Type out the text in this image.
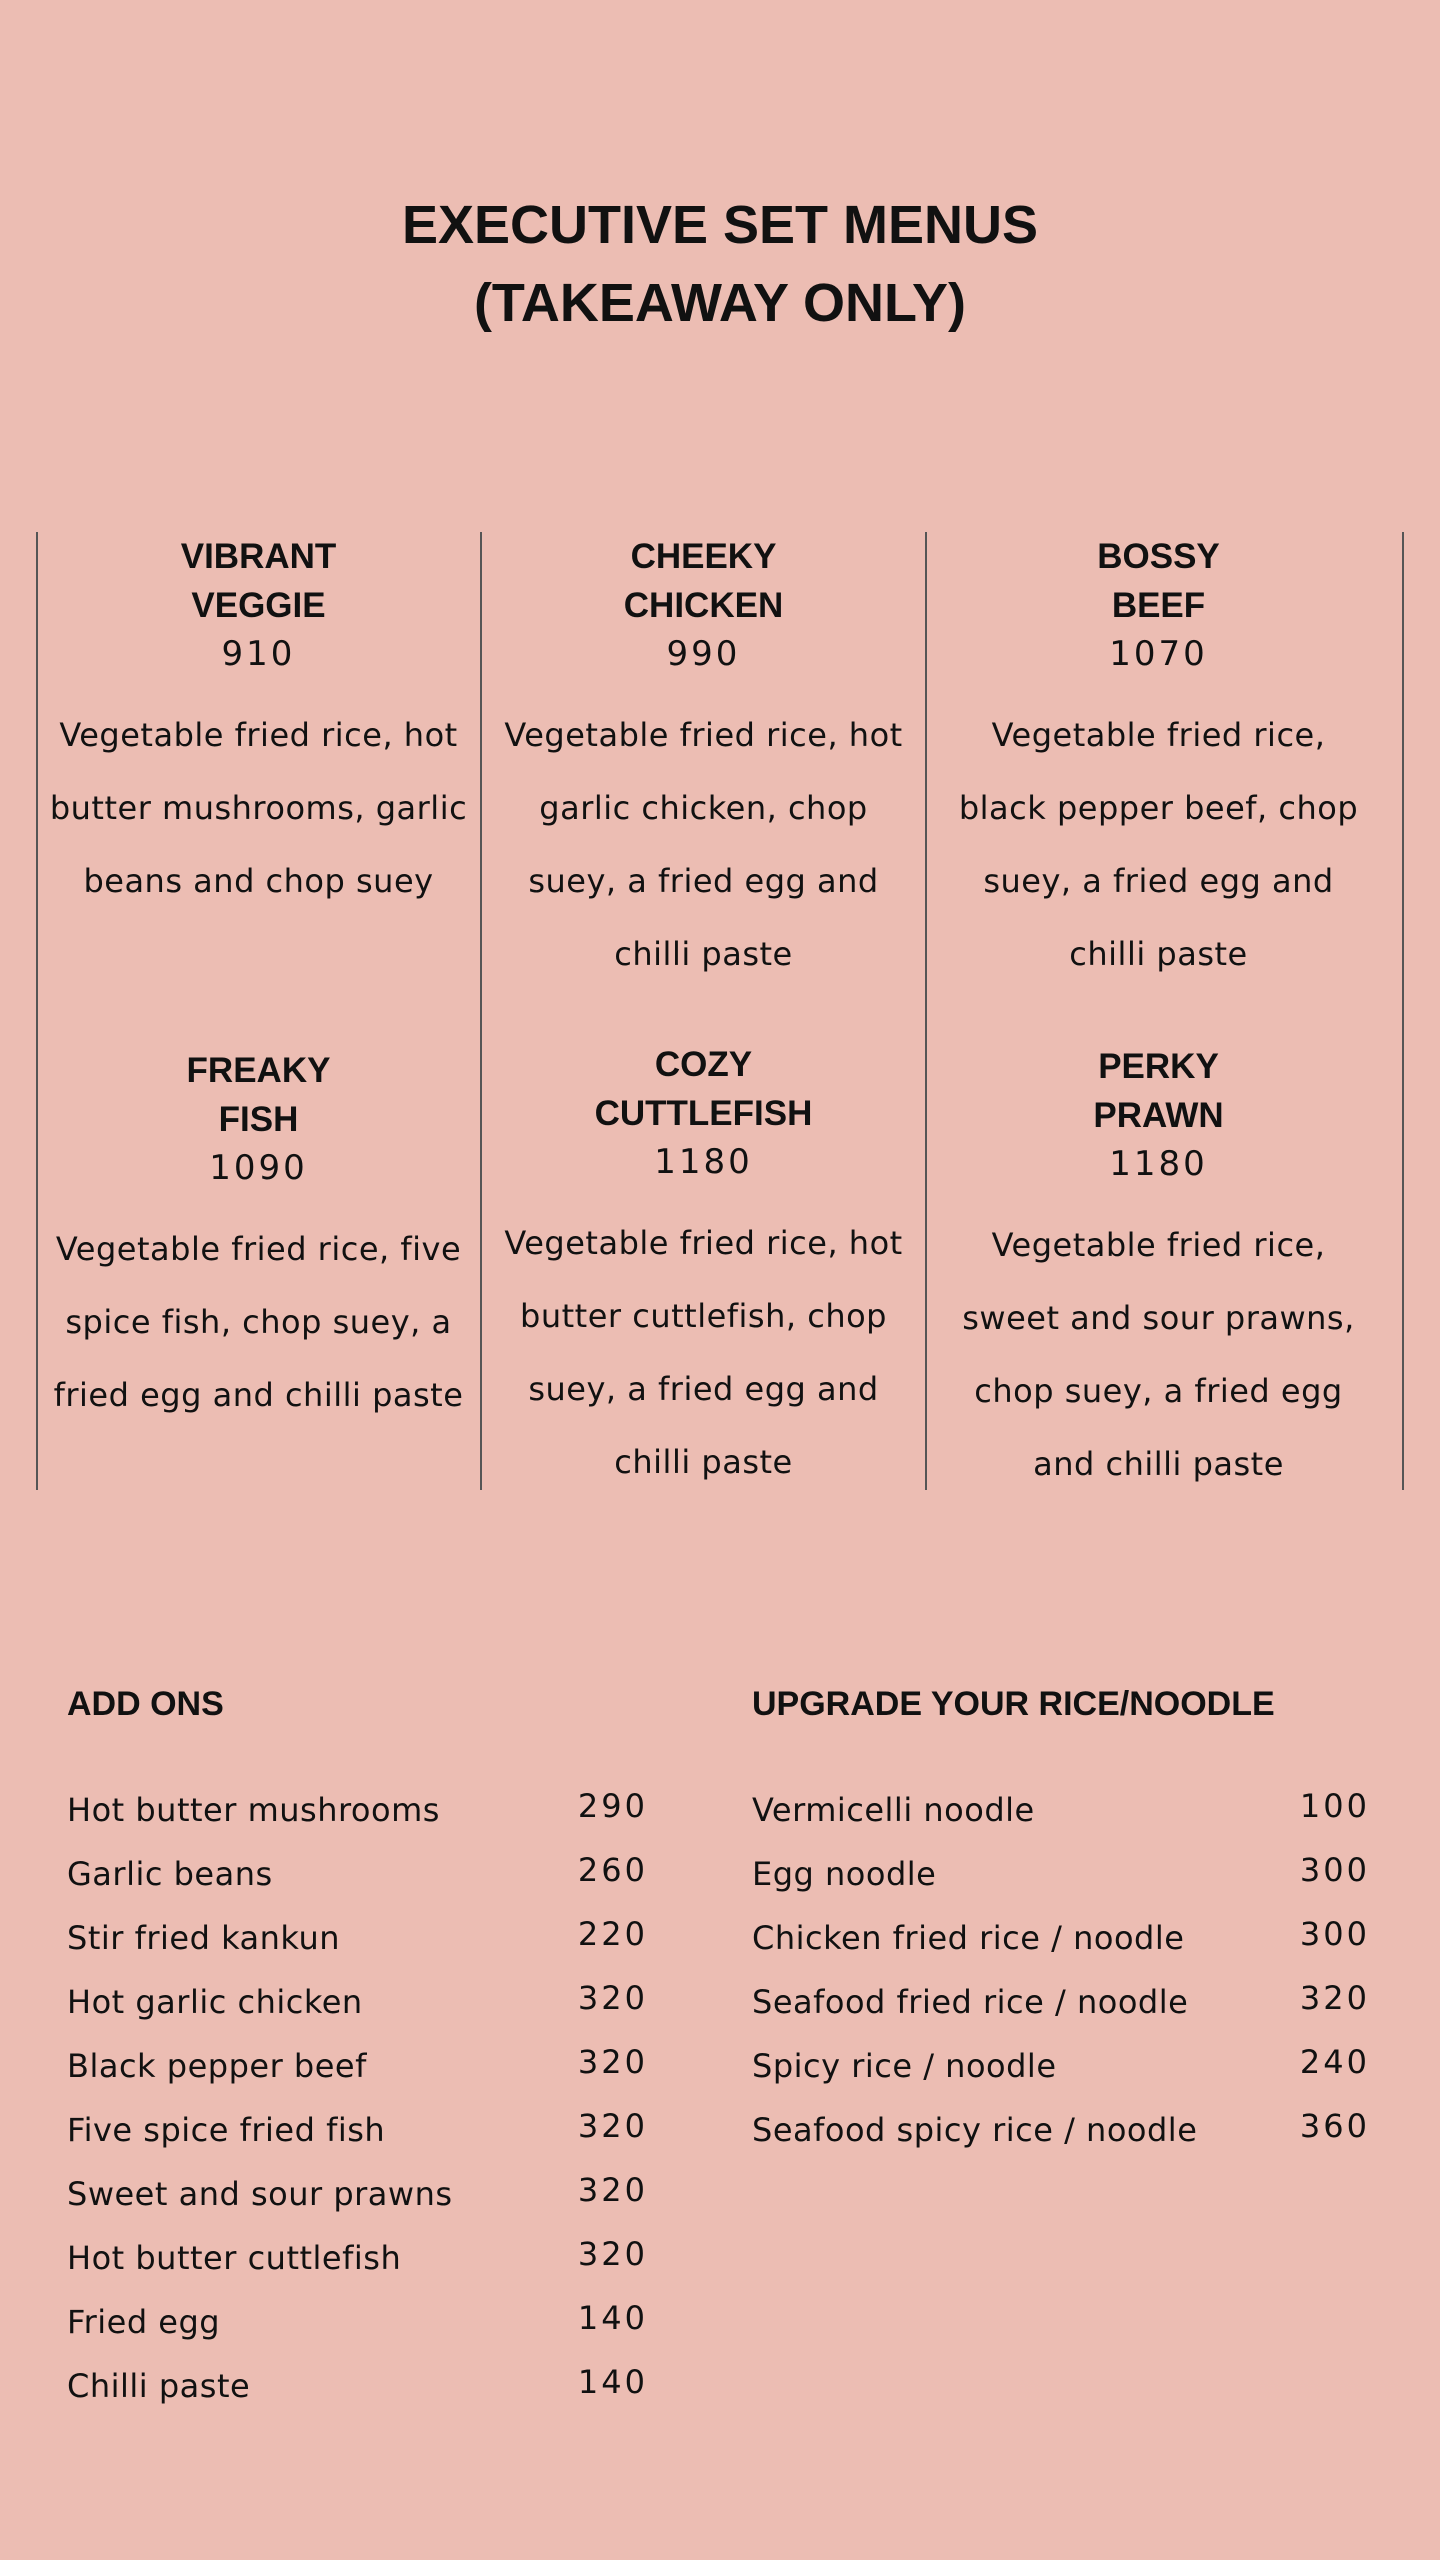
EXECUTIVE SET MENUS
(TAKEAWAY ONLY)
VIBRANT
VEGGIE
910
Vegetable fried rice, hot butter mushrooms, garlic beans and chop suey
CHEEKY
CHICKEN
990
Vegetable fried rice, hot garlic chicken, chop suey, a fried egg and chilli paste
BOSSY
BEEF
1070
Vegetable fried rice, black pepper beef, chop suey, a fried egg and chilli paste
FREAKY
FISH
1090
Vegetable fried rice, five spice fish, chop suey, a fried egg and chilli paste
COZY
CUTTLEFISH
1180
Vegetable fried rice, hot butter cuttlefish, chop suey, a fried egg and chilli paste
PERKY
PRAWN
1180
Vegetable fried rice, sweet and sour prawns, chop suey, a fried egg and chilli paste
ADD ONS
Hot butter mushrooms	290
Garlic beans	260
Stir fried kankun	220
Hot garlic chicken	320
Black pepper beef	320
Five spice fried fish	320
Sweet and sour prawns	320
Hot butter cuttlefish	320
Fried egg	140
Chilli paste	140
UPGRADE YOUR RICE/NOODLE
Vermicelli noodle	100
Egg noodle	300
Chicken fried rice / noodle	300
Seafood fried rice / noodle	320
Spicy rice / noodle	240
Seafood spicy rice / noodle	360
